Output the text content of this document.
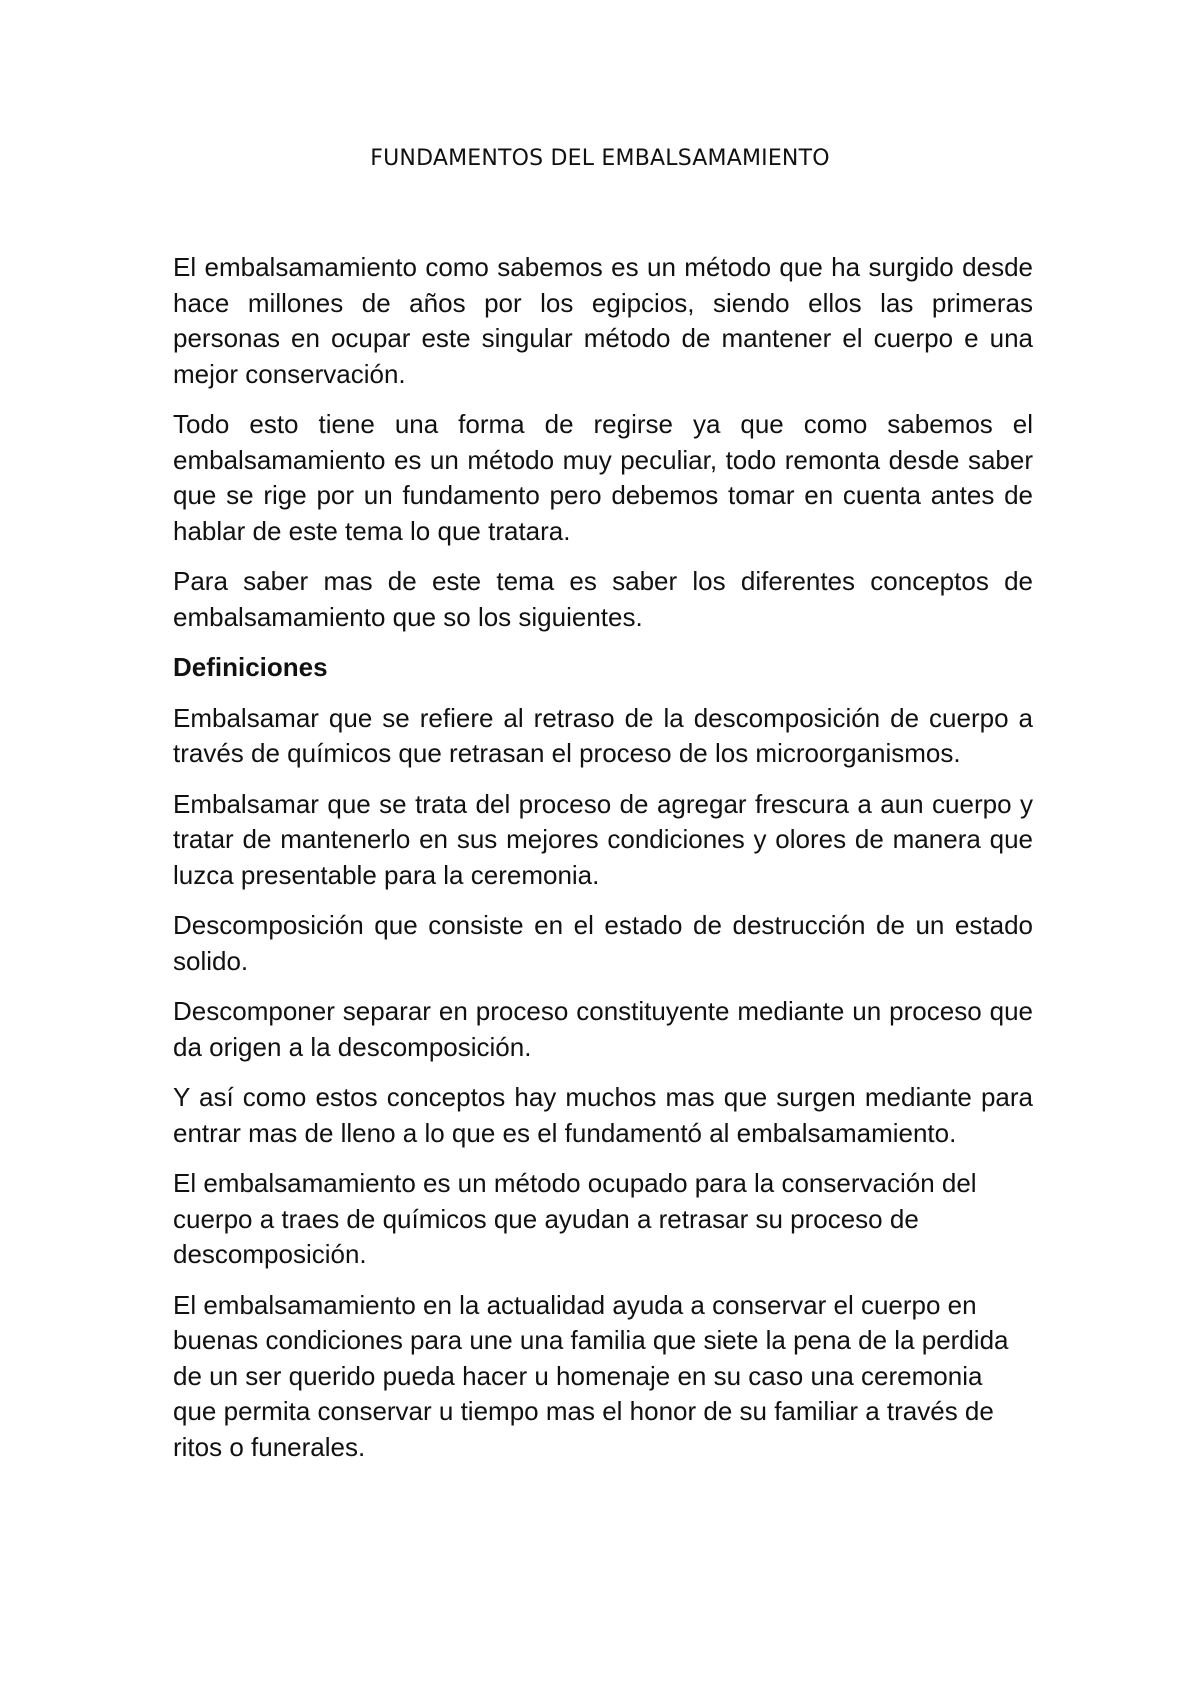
FUNDAMENTOS DEL EMBALSAMAMIENTO

El embalsamamiento como sabemos es un método que ha surgido desde hace millones de años por los egipcios, siendo ellos las primeras personas en ocupar este singular método de mantener el cuerpo e una mejor conservación.

Todo esto tiene una forma de regirse ya que como sabemos el embalsamamiento es un método muy peculiar, todo remonta desde saber que se rige por un fundamento pero debemos tomar en cuenta antes de hablar de este tema lo que tratara.

Para saber mas de este tema es saber los diferentes conceptos de embalsamamiento que so los siguientes.

Definiciones

Embalsamar que se refiere al retraso de la descomposición de cuerpo a través de químicos que retrasan el proceso de los microorganismos.

Embalsamar que se trata del proceso de agregar frescura a aun cuerpo y tratar de mantenerlo en sus mejores condiciones y olores de manera que luzca presentable para la ceremonia.

Descomposición que consiste en el estado de destrucción de un estado solido.

Descomponer separar en proceso constituyente mediante un proceso que da origen a la descomposición.

Y así como estos conceptos hay muchos mas que surgen mediante para entrar mas de lleno a lo que es el fundamentó al embalsamamiento.

El embalsamamiento es un método ocupado para la conservación del cuerpo a traes de químicos que ayudan a retrasar su proceso de descomposición.

El embalsamamiento en la actualidad ayuda a conservar el cuerpo en buenas condiciones para une una familia que siete la pena de la perdida de un ser querido pueda hacer u homenaje en su caso una ceremonia que permita conservar u tiempo mas el honor de su familiar a través de ritos o funerales.
